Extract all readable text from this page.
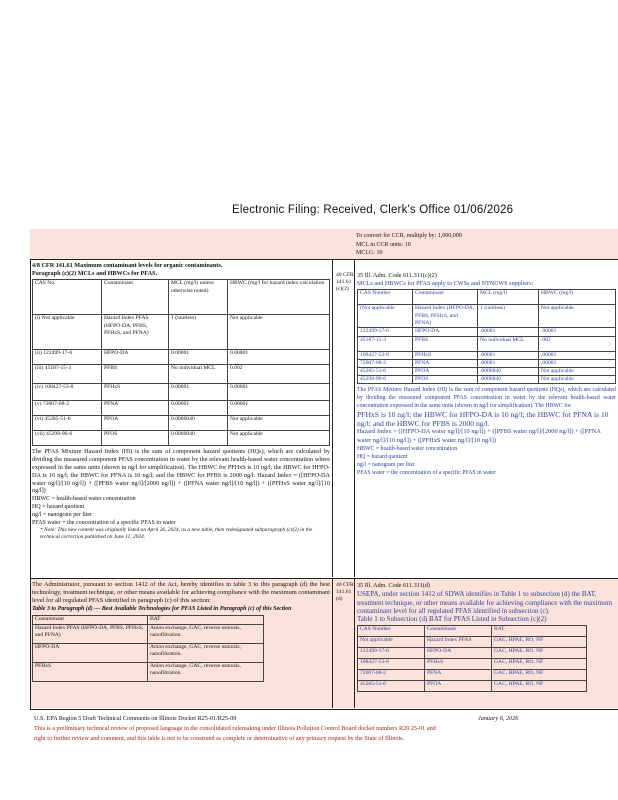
Electronic Filing: Received, Clerk's Office 01/06/2026
To convert for CCR, multiply by: 1,000,000
MCL in CCR units: 10
MCLG: 10
4/8 CFR 141.61 Maximum contaminant levels for organic contaminants.
Paragraph (c)(2) MCLs and HBWCs for PFAS.
CAS No.	Contaminant	MCL (mg/l) unless otherwise noted)	HBWC (mg/l for hazard index calculation
(i) Not applicable	Hazard Index PFAS (HFPO-DA, PFBS, PFHxS, and PFNA)	1 (unitless)	Not applicable
(ii) 122499-17-6	HFPO-DA	0.00001	0.00001
(iii) 45187-15-3	PFBS	No individual MCL	0.002
(iv) 108427-53-8	PFHxS	0.00001	0.00001
(v) 72007-68-2	PFNA	0.00001	0.00001
(vi) 45285-51-6	PFOA	0.0000040	Not applicable
(vii) 45298-90-6	PFOS	0.0000040	Not applicable
The PFAS Mixture Hazard Index (HI) is the sum of component hazard quotients (HQs), which are calculated by dividing the measured component PFAS concentration in water by the relevant health-based water concentration where expressed in the same units (shown in ng/l for simplification). The HBWC for PFHxS is 10 ng/l; the HBWC for HFPO-DA is 10 ng/l; the HBWC for PFNA is 10 ng/l; and the HBWC for PFBS is 2000 ng/l. Hazard Index = ([HFPO-DA water ng/l]/[10 ng/l]) + ([PFBS water ng/l]/[2000 ng/l]) + ([PFNA water ng/l]/[10 ng/l]) + ([PFHxS water ng/l]/[10 ng/l])
HBWC = health-based water concentration
HQ = hazard quotient
ng/l = nanogram per liter
PFAS water = the concentration of a specific PFAS in water
* Note: This new content was originally listed on April 26, 2024, as a new table, then redesignated subparagraph (c)(2) in the technical correction published on June 11, 2024.
40 CFR 141.61(c)(2)
35 Ill. Adm. Code 611.311(c)(2)
MCLs and HBWCs for PFAS apply to CWSs and NTNCWS suppliers:
CAS Number	Contaminant	MCL (mg/l)	HBWC (mg/l)
(Not applicable	Hazard Index (HFPO-DA, PFBS, PFHxS, and PFNA)	1 (unitless)	Not applicable
122499-17-6	HFPO-DA	.00001	.00001
45187-15-3	PFBS	No individual MCL	.002
108427-53-8	PFHxS	.00001	.00001
72007-68-2	PFNA	.00001	.00001
45285-51-6	PFOA	.0000040	Not applicable
45298-90-6	PFOS	.0000040	Not applicable
The PFAS Mixture Hazard Index (HI) is the sum of component hazard quotients (HQs), which are calculated by dividing the measured component PFAS concentration in water by the relevant health-based water concentration expressed in the same units (shown in ng/l for simplification). The HBWC for
PFHxS is 10 ng/l; the HBWC for HFPO-DA is 10 ng/l; the HBWC for PFNA is 10 ng/l; and the HBWC for PFBS is 2000 ng/l.
Hazard Index = ([HFPO-DA water ng/l]/[10 ng/l]) + ([PFBS water ng/l]/[2000 ng/l]) + ([PFNA water ng/l]/[10 ng/l]) + ([PFHxS water ng/l]/[10 ng/l])
HBWC = health-based water concentration
HQ = hazard quotient
ng/l = nanogram per liter
PFAS water = the concentration of a specific PFAS in water
The Administrator, pursuant to section 1412 of the Act, hereby identifies in table 3 to this paragraph (d) the best technology, treatment technique, or other means available for achieving compliance with the maximum contaminant level for all regulated PFAS identified in paragraph (c) of this section:
Table 3 to Paragraph (d) — Best Available Technologies for PFAS Listed in Paragraph (c) of this Section
Contaminant	BAT
Hazard Index PFAS (HFPO-DA, PFBS, PFHxS, and PFNA)	Anion exchange, GAC, reverse osmosis, nanofiltration.
HFPO-DA	Anion exchange, GAC, reverse osmosis, nanofiltration.
PFHxS	Anion exchange, GAC, reverse osmosis, nanofiltration.
40 CFR 141.61(d)
35 Ill. Adm. Code 611.311(d)
USEPA, under section 1412 of SDWA identifies in Table 1 to subsection (d) the BAT, treatment technique, or other means available for achieving compliance with the maximum contaminant level for all regulated PFAS identified in subsection (c).
Table 1 to Subsection (d) BAT for PFAS Listed in Subsection (c)(2)
CAS Number	Contaminant	BAT
Not applicable	Hazard Index PFAS	GAC, HPAE, RO, NF
122499-17-6	HFPO-DA	GAC, HPAE, RO, NF
108427-53-8	PFHxS	GAC, HPAE, RO, NF
72007-68-2	PFNA	GAC, HPAE, RO, NF
45285-51-6	PFOA	GAC, HPAE, RO, NF
U.S. EPA Region 5 Draft Technical Comments on Illinois Docket R25-01/R25-09	January 6, 2026
This is a preliminary technical review of proposed language in the consolidated rulemaking under Illinois Pollution Control Board docket numbers R20 25-01 and
right to further review and comment, and this table is not to be construed as complete or determinative of any primacy request by the State of Illinois.
